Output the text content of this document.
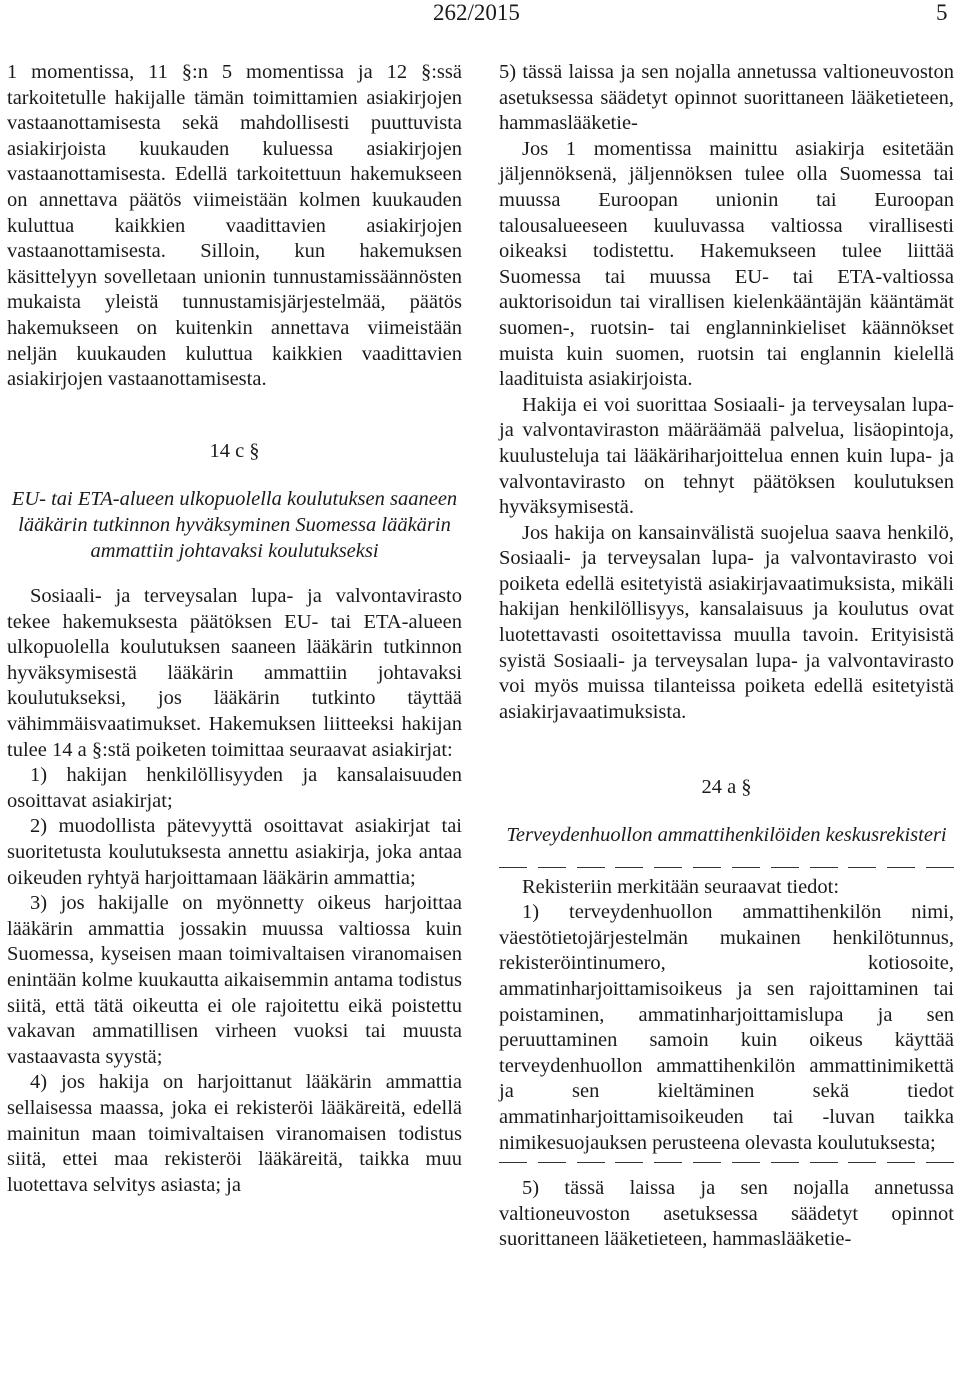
262/2015	5

1 momentissa, 11 §:n 5 momentissa ja 12 §:ssä tarkoitetulle hakijalle tämän toimittamien asiakirjojen vastaanottamisesta sekä mahdollisesti puuttuvista asiakirjoista kuukauden kuluessa asiakirjojen vastaanottamisesta. Edellä tarkoitettuun hakemukseen on annettava päätös viimeistään kolmen kuukauden kuluttua kaikkien vaadittavien asiakirjojen vastaanottamisesta. Silloin, kun hakemuksen käsittelyyn sovelletaan unionin tunnustamissäännösten mukaista yleistä tunnustamisjärjestelmää, päätös hakemukseen on kuitenkin annettava viimeistään neljän kuukauden kuluttua kaikkien vaadittavien asiakirjojen vastaanottamisesta.

14 c §

EU- tai ETA-alueen ulkopuolella koulutuksen saaneen lääkärin tutkinnon hyväksyminen Suomessa lääkärin ammattiin johtavaksi koulutukseksi

Sosiaali- ja terveysalan lupa- ja valvontavirasto tekee hakemuksesta päätöksen EU- tai ETA-alueen ulkopuolella koulutuksen saaneen lääkärin tutkinnon hyväksymisestä lääkärin ammattiin johtavaksi koulutukseksi, jos lääkärin tutkinto täyttää vähimmäisvaatimukset. Hakemuksen liitteeksi hakijan tulee 14 a §:stä poiketen toimittaa seuraavat asiakirjat:

1) hakijan henkilöllisyyden ja kansalaisuuden osoittavat asiakirjat;

2) muodollista pätevyyttä osoittavat asiakirjat tai suoritetusta koulutuksesta annettu asiakirja, joka antaa oikeuden ryhtyä harjoittamaan lääkärin ammattia;

3) jos hakijalle on myönnetty oikeus harjoittaa lääkärin ammattia jossakin muussa valtiossa kuin Suomessa, kyseisen maan toimivaltaisen viranomaisen enintään kolme kuukautta aikaisemmin antama todistus siitä, että tätä oikeutta ei ole rajoitettu eikä poistettu vakavan ammatillisen virheen vuoksi tai muusta vastaavasta syystä;

4) jos hakija on harjoittanut lääkärin ammattia sellaisessa maassa, joka ei rekisteröi lääkäreitä, edellä mainitun maan toimivaltaisen viranomaisen todistus siitä, ettei maa rekisteröi lääkäreitä, taikka muu luotettava selvitys asiasta; ja

5) tässä laissa ja sen nojalla annetussa valtioneuvoston asetuksessa säädetyt opinnot suorittaneen lääketieteen, hammaslääketie-

Jos 1 momentissa mainittu asiakirja esitetään jäljennöksenä, jäljennöksen tulee olla Suomessa tai muussa Euroopan unionin tai Euroopan talousalueeseen kuuluvassa valtiossa virallisesti oikeaksi todistettu. Hakemukseen tulee liittää Suomessa tai muussa EU- tai ETA-valtiossa auktorisoidun tai virallisen kielenkääntäjän kääntämät suomen-, ruotsin- tai englanninkieliset käännökset muista kuin suomen, ruotsin tai englannin kielellä laadituista asiakirjoista.

Hakija ei voi suorittaa Sosiaali- ja terveysalan lupa- ja valvontaviraston määräämää palvelua, lisäopintoja, kuulusteluja tai lääkäriharjoittelua ennen kuin lupa- ja valvontavirasto on tehnyt päätöksen koulutuksen hyväksymisestä.

Jos hakija on kansainvälistä suojelua saava henkilö, Sosiaali- ja terveysalan lupa- ja valvontavirasto voi poiketa edellä esitetyistä asiakirjavaatimuksista, mikäli hakijan henkilöllisyys, kansalaisuus ja koulutus ovat luotettavasti osoitettavissa muulla tavoin. Erityisistä syistä Sosiaali- ja terveysalan lupa- ja valvontavirasto voi myös muissa tilanteissa poiketa edellä esitetyistä asiakirjavaatimuksista.

24 a §

Terveydenhuollon ammattihenkilöiden keskusrekisteri

Rekisteriin merkitään seuraavat tiedot:

1) terveydenhuollon ammattihenkilön nimi, väestötietojärjestelmän mukainen henkilötunnus, rekisteröintinumero, kotiosoite, ammatinharjoittamisoikeus ja sen rajoittaminen tai poistaminen, ammatinharjoittamislupa ja sen peruuttaminen samoin kuin oikeus käyttää terveydenhuollon ammattihenkilön ammattinimikettä ja sen kieltäminen sekä tiedot ammatinharjoittamisoikeuden tai -luvan taikka nimikesuojauksen perusteena olevasta koulutuksesta;

5) tässä laissa ja sen nojalla annetussa valtioneuvoston asetuksessa säädetyt opinnot suorittaneen lääketieteen, hammaslääketie-
